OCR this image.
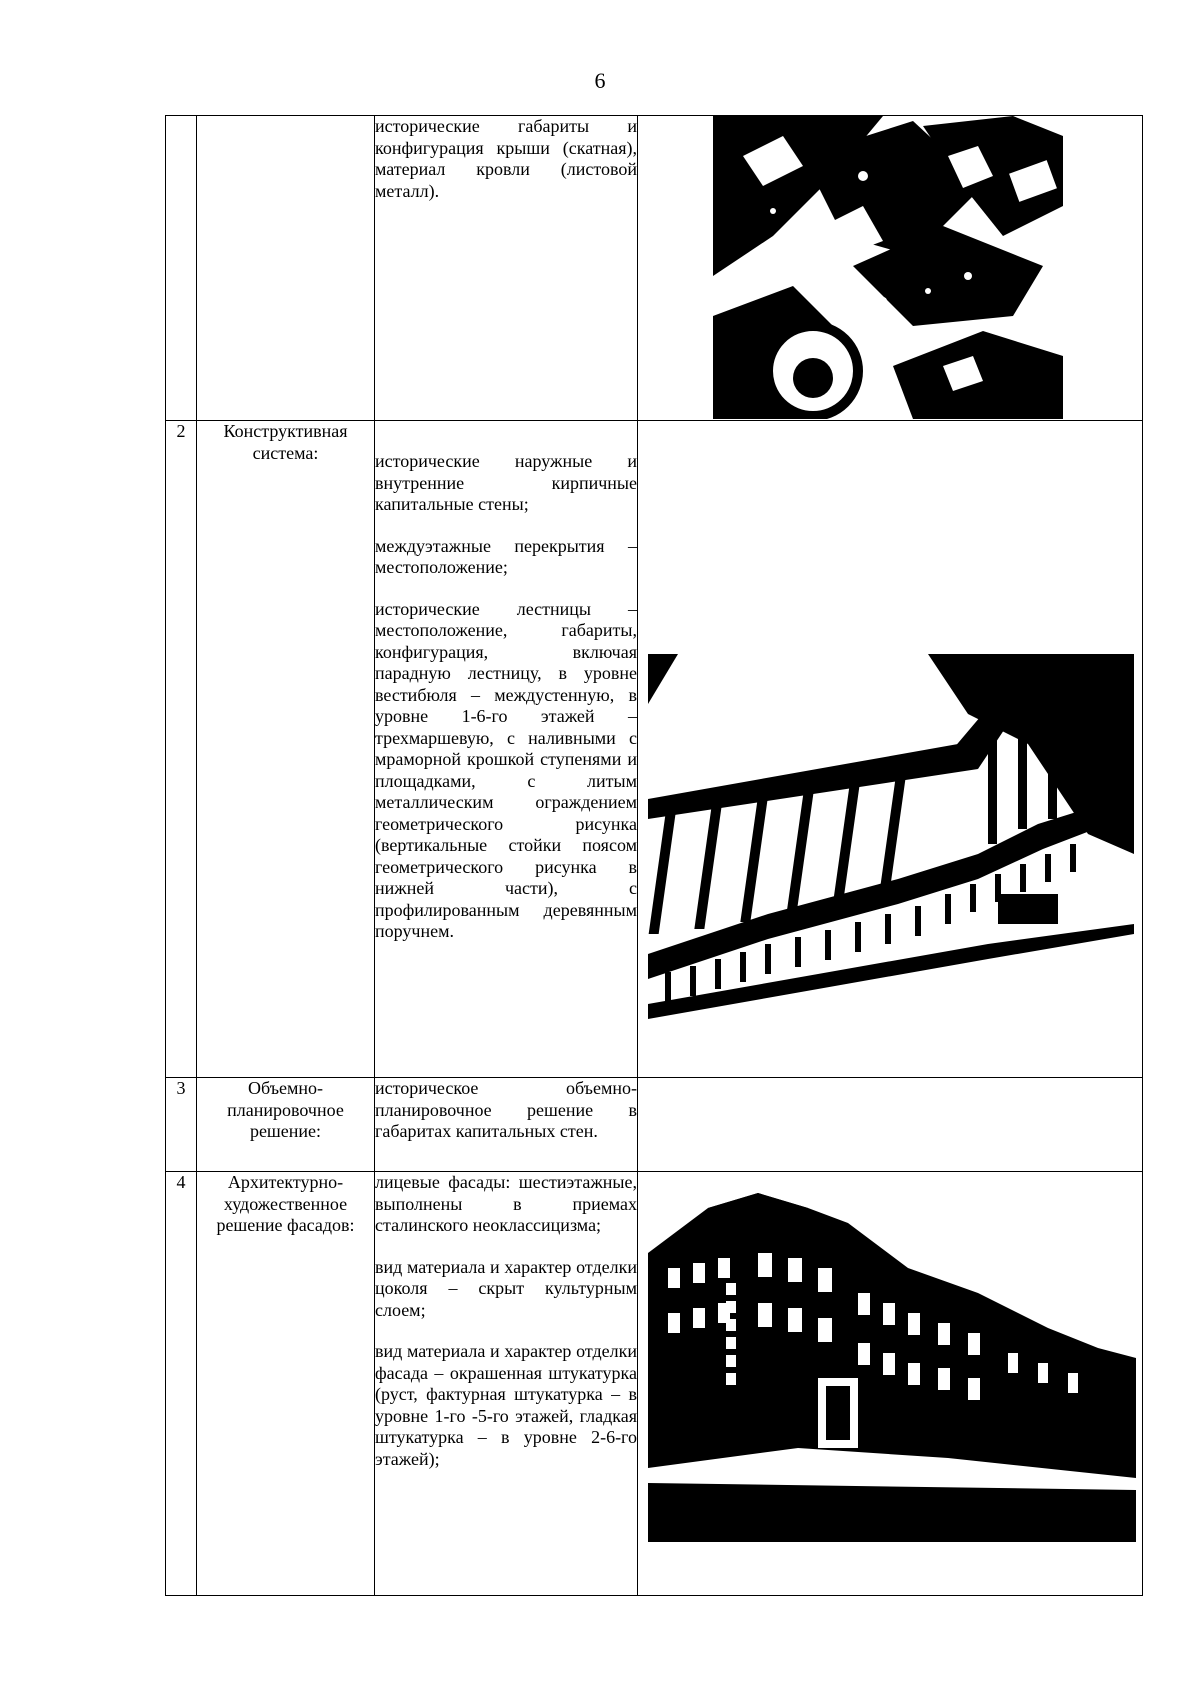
6

		исторические габариты и конфигурация крыши (скатная), материал кровли (листовой металл).

2	Конструктивная система:	исторические наружные и внутренние кирпичные капитальные стены;

междуэтажные перекрытия – местоположение;

исторические лестницы – местоположение, габариты, конфигурация, включая парадную лестницу, в уровне вестибюля – междустенную, в уровне 1-6-го этажей – трехмаршевую, с наливными с мраморной крошкой ступенями и площадками, с литым металлическим ограждением геометрического рисунка (вертикальные стойки поясом геометрического рисунка в нижней части), с профилированным деревянным поручнем.

3	Объемно-планировочное решение:	историческое объемно-планировочное решение в габаритах капитальных стен.	

4	Архитектурно-художественное решение фасадов:	лицевые фасады: шестиэтажные, выполнены в приемах сталинского неоклассицизма;

вид материала и характер отделки цоколя – скрыт культурным слоем;

вид материала и характер отделки фасада – окрашенная штукатурка (руст, фактурная штукатурка – в уровне 1-го -5-го этажей, гладкая штукатурка – в уровне 2-6-го этажей);
